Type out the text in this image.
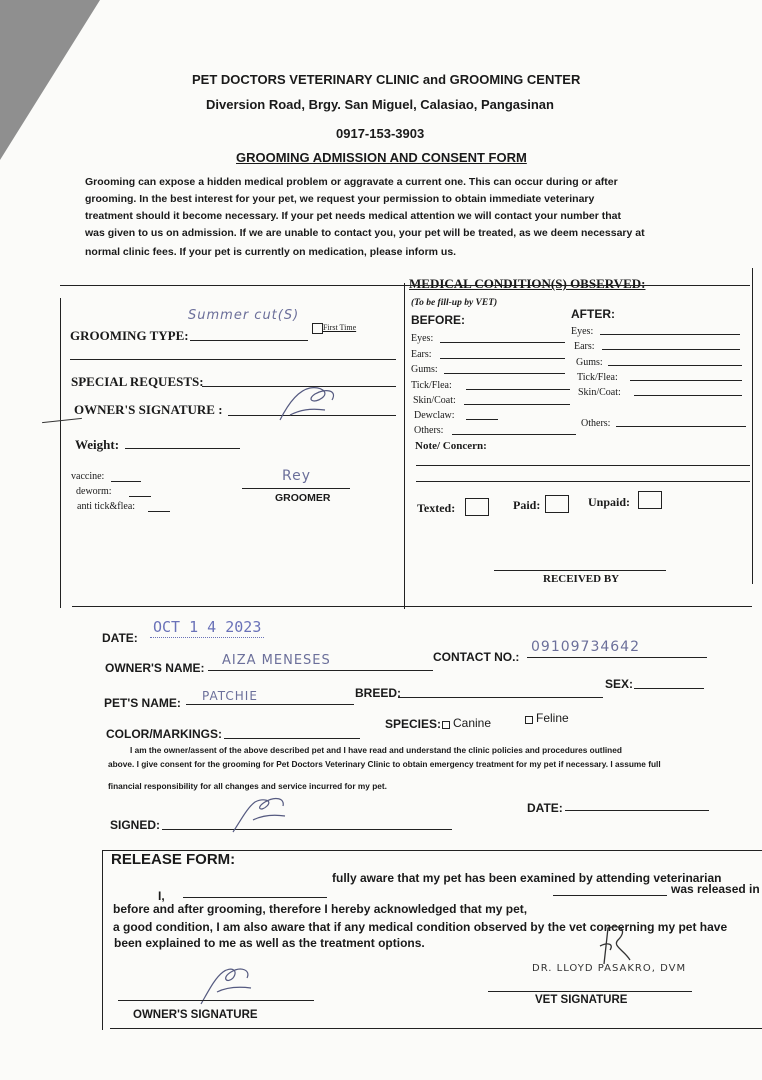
PET DOCTORS VETERINARY CLINIC and GROOMING CENTER
Diversion Road, Brgy. San Miguel, Calasiao, Pangasinan
0917-153-3903
GROOMING ADMISSION AND CONSENT FORM
Grooming can expose a hidden medical problem or aggravate a current one. This can occur during or after
grooming. In the best interest for your pet, we request your permission to obtain immediate veterinary
treatment should it become necessary. If your pet needs medical attention we will contact your number that
was given to us on admission. If we are unable to contact you, your pet will be treated, as we deem necessary at
normal clinic fees. If your pet is currently on medication, please inform us.
Summer cut(S)
GROOMING TYPE:
First Time
SPECIAL REQUESTS:
OWNER'S SIGNATURE :
Weight:
vaccine:
deworm:
anti tick&flea:
Rey
GROOMER
MEDICAL CONDITION(S) OBSERVED:
(To be fill-up by VET)
BEFORE:	AFTER:
Eyes:
Ears:
Gums:
Tick/Flea:
Skin/Coat:
Dewclaw:
Others:
Eyes:
Ears:
Gums:
Tick/Flea:
Skin/Coat:
Others:
Note/ Concern:
Texted:	Paid:	Unpaid:
RECEIVED BY
DATE:
OCT 1 4 2023
OWNER'S NAME: AIZA MENESES	CONTACT NO.:
09109734642
PET'S NAME: PATCHIE	BREED:
SEX:
COLOR/MARKINGS:
SPECIES: Canine	Feline
I am the owner/assent of the above described pet and I have read and understand the clinic policies and procedures outlined
above. I give consent for the grooming for Pet Doctors Veterinary Clinic to obtain emergency treatment for my pet if necessary. I assume full
financial responsibility for all changes and service incurred for my pet.
SIGNED:
DATE:
RELEASE FORM:
I,
fully aware that my pet has been examined by attending veterinarian
before and after grooming, therefore I hereby acknowledged that my pet,
was released in
a good condition, I am also aware that if any medical condition observed by the vet concerning my pet have
been explained to me as well as the treatment options.
OWNER'S SIGNATURE
DR. LLOYD PASAKRO, DVM
VET SIGNATURE
